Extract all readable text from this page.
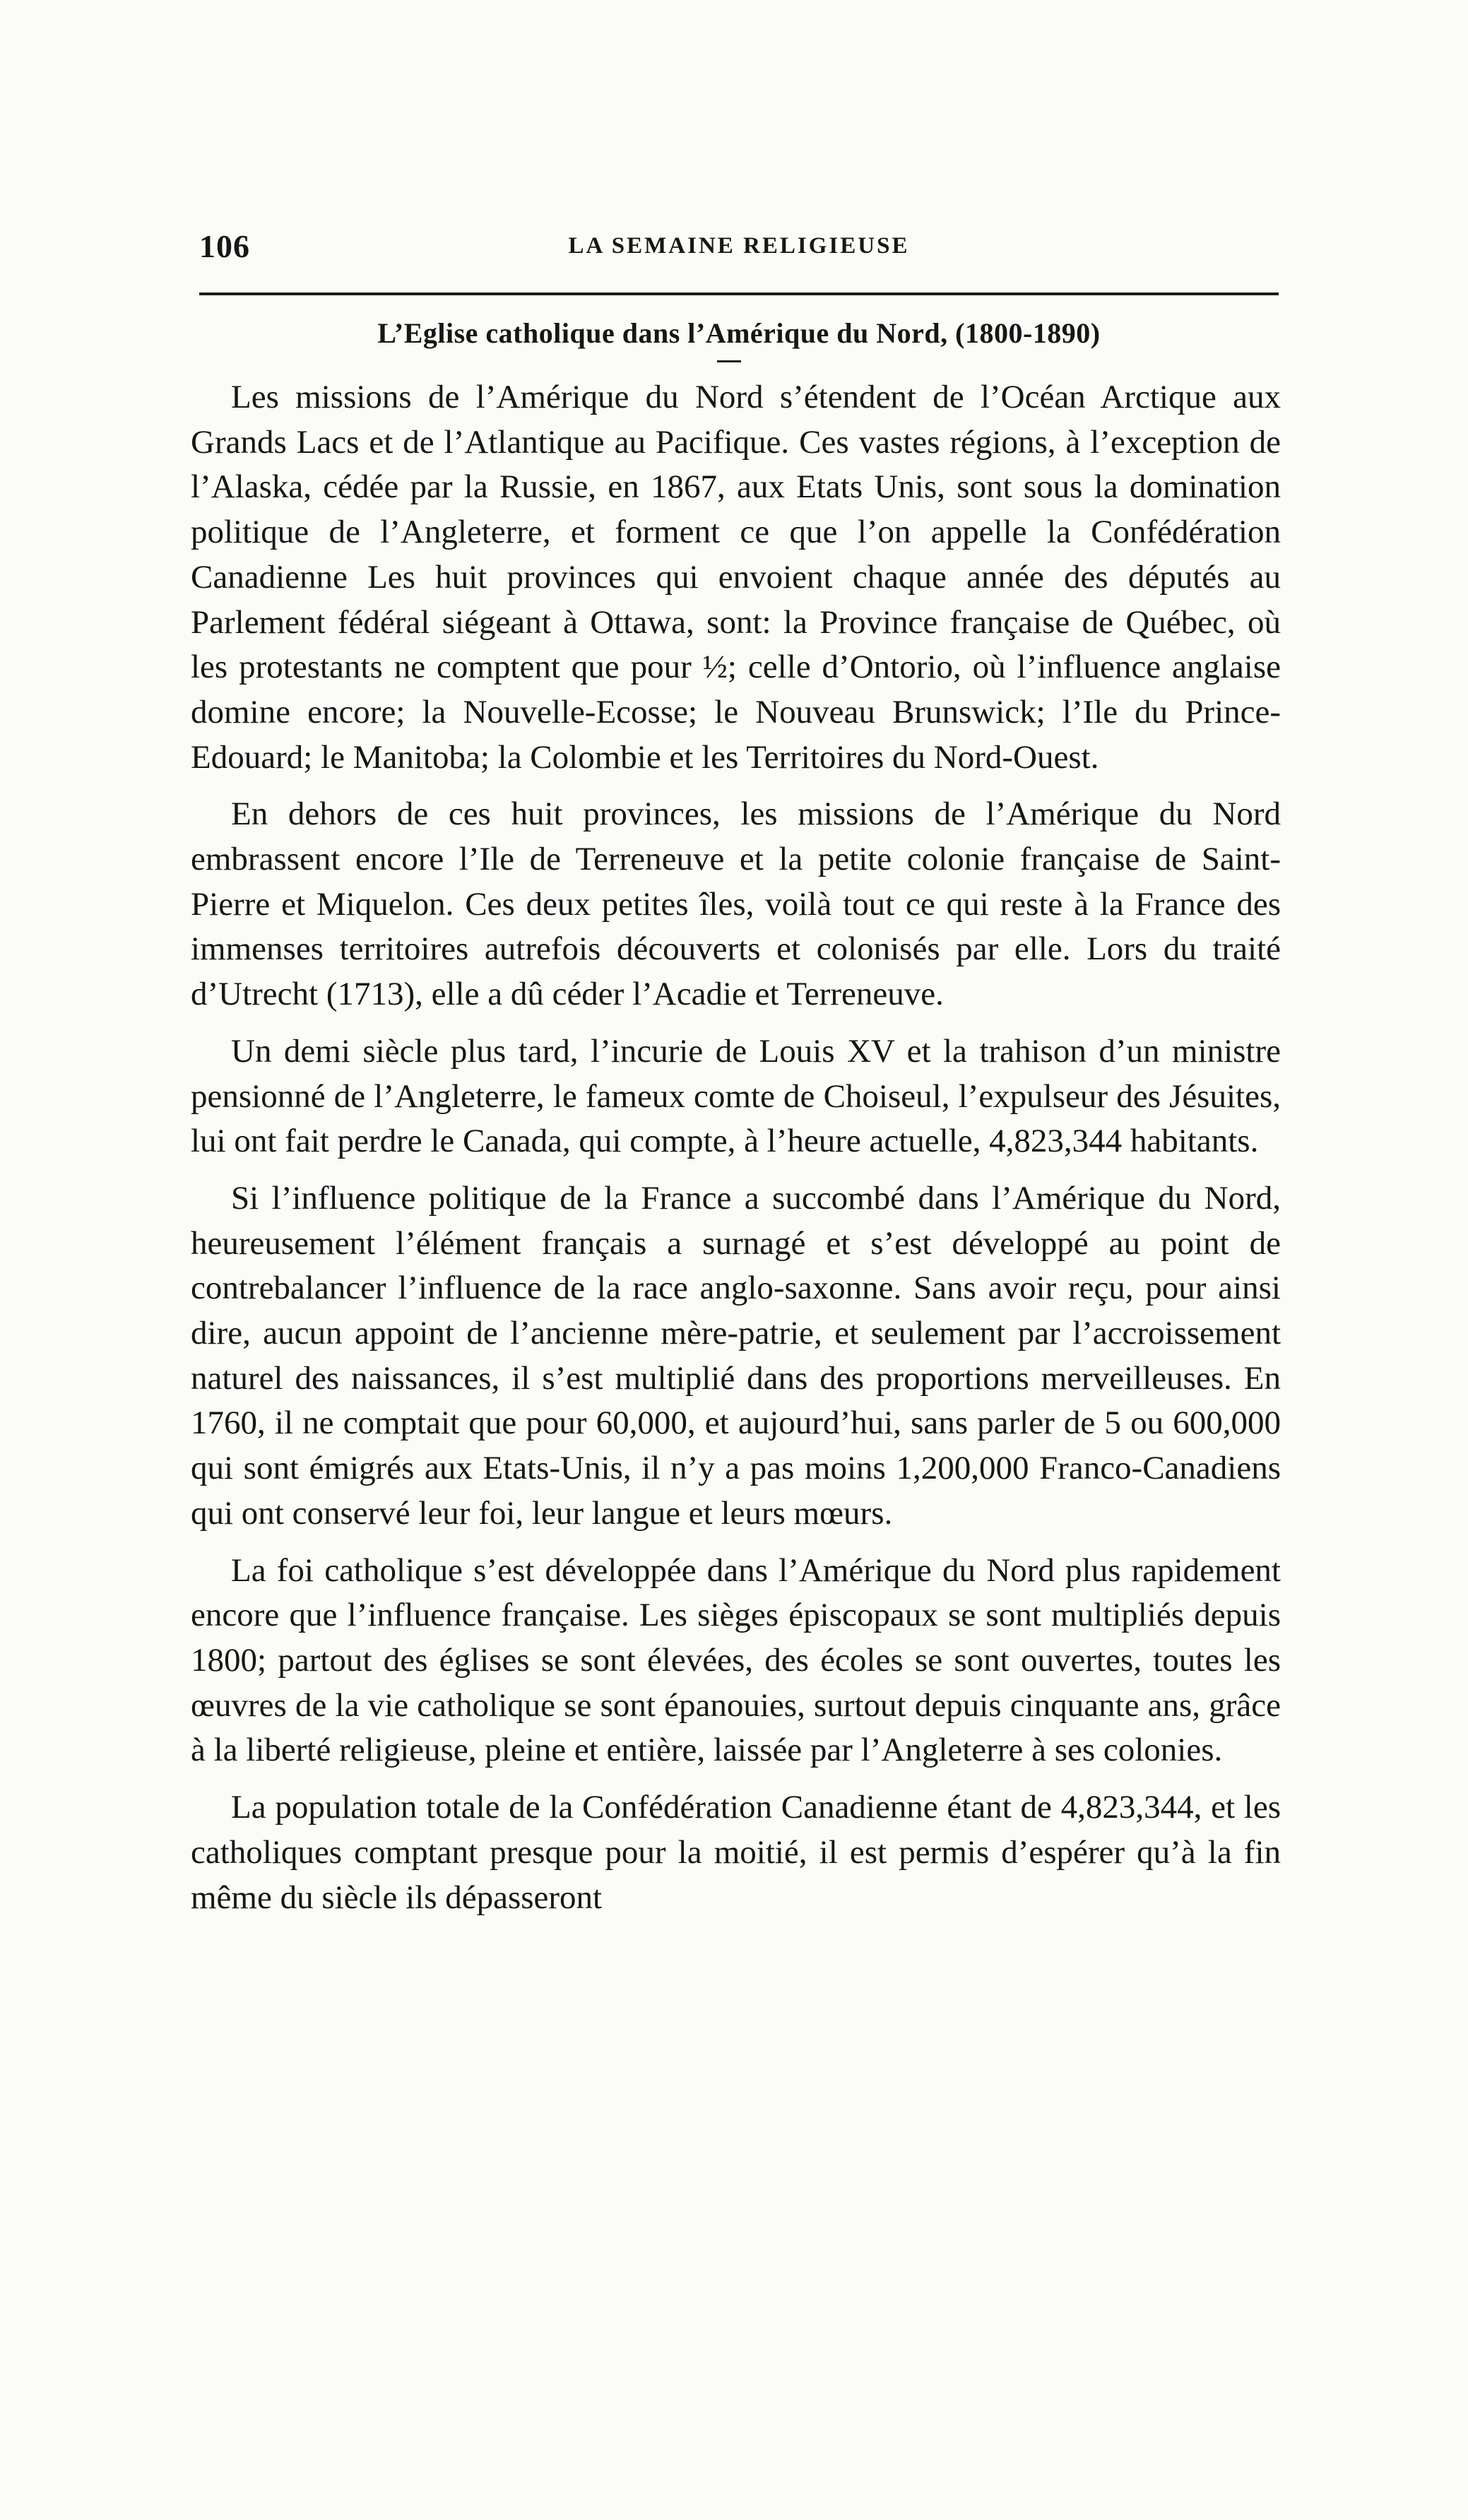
106	LA SEMAINE RELIGIEUSE
L’Eglise catholique dans l’Amérique du Nord, (1800-1890)

Les missions de l’Amérique du Nord s’étendent de l’Océan Arctique aux Grands Lacs et de l’Atlantique au Pacifique. Ces vastes régions, à l’exception de l’Alaska, cédée par la Russie, en 1867, aux Etats Unis, sont sous la domination politique de l’Angleterre, et forment ce que l’on appelle la Confédération Canadienne Les huit provinces qui envoient chaque année des députés au Parlement fédéral siégeant à Ottawa, sont: la Province française de Québec, où les protestants ne comptent que pour ½; celle d’Ontorio, où l’influence anglaise domine encore; la Nouvelle-Ecosse; le Nouveau Brunswick; l’Ile du Prince-Edouard; le Manitoba; la Colombie et les Territoires du Nord-Ouest.

En dehors de ces huit provinces, les missions de l’Amérique du Nord embrassent encore l’Ile de Terreneuve et la petite colonie française de Saint-Pierre et Miquelon. Ces deux petites îles, voilà tout ce qui reste à la France des immenses territoires autrefois découverts et colonisés par elle. Lors du traité d’Utrecht (1713), elle a dû céder l’Acadie et Terreneuve.

Un demi siècle plus tard, l’incurie de Louis XV et la trahison d’un ministre pensionné de l’Angleterre, le fameux comte de Choiseul, l’expulseur des Jésuites, lui ont fait perdre le Canada, qui compte, à l’heure actuelle, 4,823,344 habitants.

Si l’influence politique de la France a succombé dans l’Amérique du Nord, heureusement l’élément français a surnagé et s’est développé au point de contrebalancer l’influence de la race anglo-saxonne. Sans avoir reçu, pour ainsi dire, aucun appoint de l’ancienne mère-patrie, et seulement par l’accroissement naturel des naissances, il s’est multiplié dans des proportions merveilleuses. En 1760, il ne comptait que pour 60,000, et aujourd’hui, sans parler de 5 ou 600,000 qui sont émigrés aux Etats-Unis, il n’y a pas moins 1,200,000 Franco-Canadiens qui ont conservé leur foi, leur langue et leurs mœurs.

La foi catholique s’est développée dans l’Amérique du Nord plus rapidement encore que l’influence française. Les sièges épiscopaux se sont multipliés depuis 1800; partout des églises se sont élevées, des écoles se sont ouvertes, toutes les œuvres de la vie catholique se sont épanouies, surtout depuis cinquante ans, grâce à la liberté religieuse, pleine et entière, laissée par l’Angleterre à ses colonies.

La population totale de la Confédération Canadienne étant de 4,823,344, et les catholiques comptant presque pour la moitié, il est permis d’espérer qu’à la fin même du siècle ils dépasseront
